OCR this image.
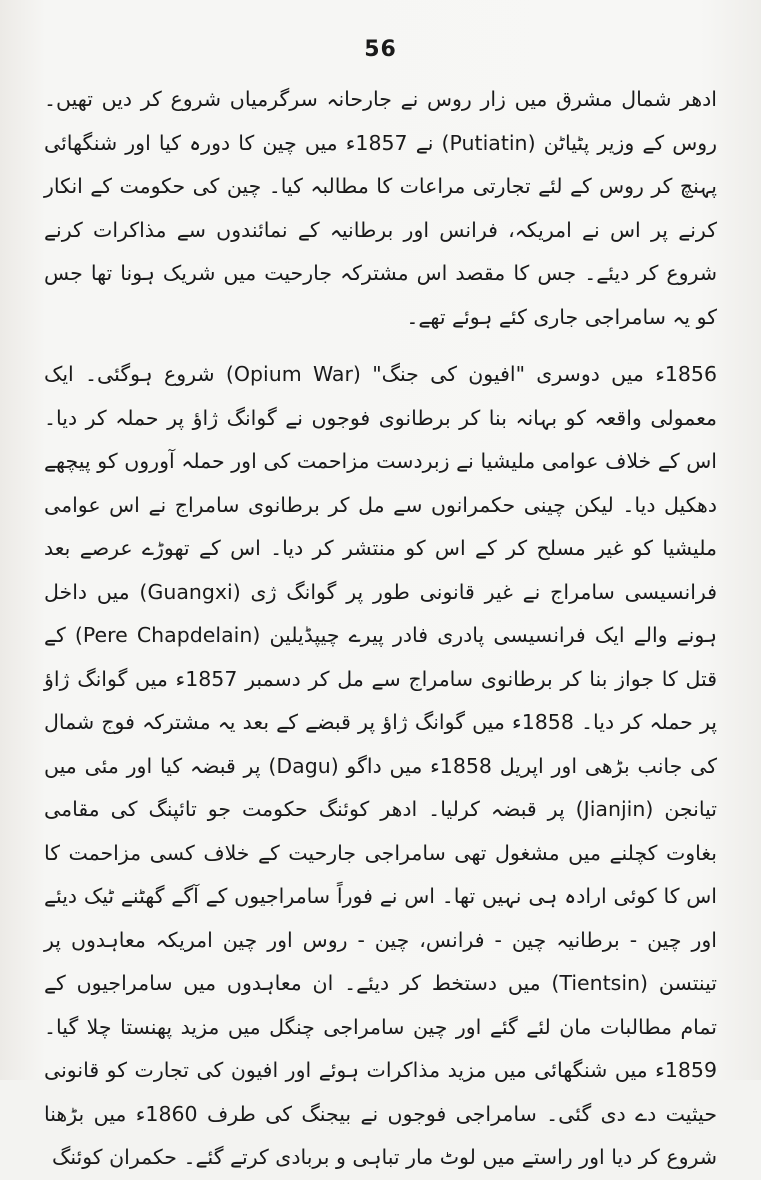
56

ادھر شمال مشرق میں زار روس نے جارحانہ سرگرمیاں شروع کر دیں تھیں۔ روس کے وزیر پٹیاٹن (Putiatin) نے 1857ء میں چین کا دورہ کیا اور شنگھائی پہنچ کر روس کے لئے تجارتی مراعات کا مطالبہ کیا۔ چین کی حکومت کے انکار کرنے پر اس نے امریکہ، فرانس اور برطانیہ کے نمائندوں سے مذاکرات کرنے شروع کر دیئے۔ جس کا مقصد اس مشترکہ جارحیت میں شریک ہونا تھا جس کو یہ سامراجی جاری کئے ہوئے تھے۔

1856ء میں دوسری "افیون کی جنگ" (Opium War) شروع ہوگئی۔ ایک معمولی واقعہ کو بہانہ بنا کر برطانوی فوجوں نے گوانگ ژاؤ پر حملہ کر دیا۔ اس کے خلاف عوامی ملیشیا نے زبردست مزاحمت کی اور حملہ آوروں کو پیچھے دھکیل دیا۔ لیکن چینی حکمرانوں سے مل کر برطانوی سامراج نے اس عوامی ملیشیا کو غیر مسلح کر کے اس کو منتشر کر دیا۔ اس کے تھوڑے عرصے بعد فرانسیسی سامراج نے غیر قانونی طور پر گوانگ ژی (Guangxi) میں داخل ہونے والے ایک فرانسیسی پادری فادر پیرے چیپڈیلین (Pere Chapdelain) کے قتل کا جواز بنا کر برطانوی سامراج سے مل کر دسمبر 1857ء میں گوانگ ژاؤ پر حملہ کر دیا۔ 1858ء میں گوانگ ژاؤ پر قبضے کے بعد یہ مشترکہ فوج شمال کی جانب بڑھی اور اپریل 1858ء میں داگو (Dagu) پر قبضہ کیا اور مئی میں تیانجن (Jianjin) پر قبضہ کرلیا۔ ادھر کوئنگ حکومت جو تائپنگ کی مقامی بغاوت کچلنے میں مشغول تھی سامراجی جارحیت کے خلاف کسی مزاحمت کا اس کا کوئی ارادہ ہی نہیں تھا۔ اس نے فوراً سامراجیوں کے آگے گھٹنے ٹیک دیئے اور چین - برطانیہ چین - فرانس، چین - روس اور چین امریکہ معاہدوں پر تینتسن (Tientsin) میں دستخط کر دیئے۔ ان معاہدوں میں سامراجیوں کے تمام مطالبات مان لئے گئے اور چین سامراجی چنگل میں مزید پھنستا چلا گیا۔ 1859ء میں شنگھائی میں مزید مذاکرات ہوئے اور افیون کی تجارت کو قانونی حیثیت دے دی گئی۔ سامراجی فوجوں نے بیجنگ کی طرف 1860ء میں بڑھنا شروع کر دیا اور راستے میں لوٹ مار تباہی و بربادی کرتے گئے۔ حکمران کوئنگ
